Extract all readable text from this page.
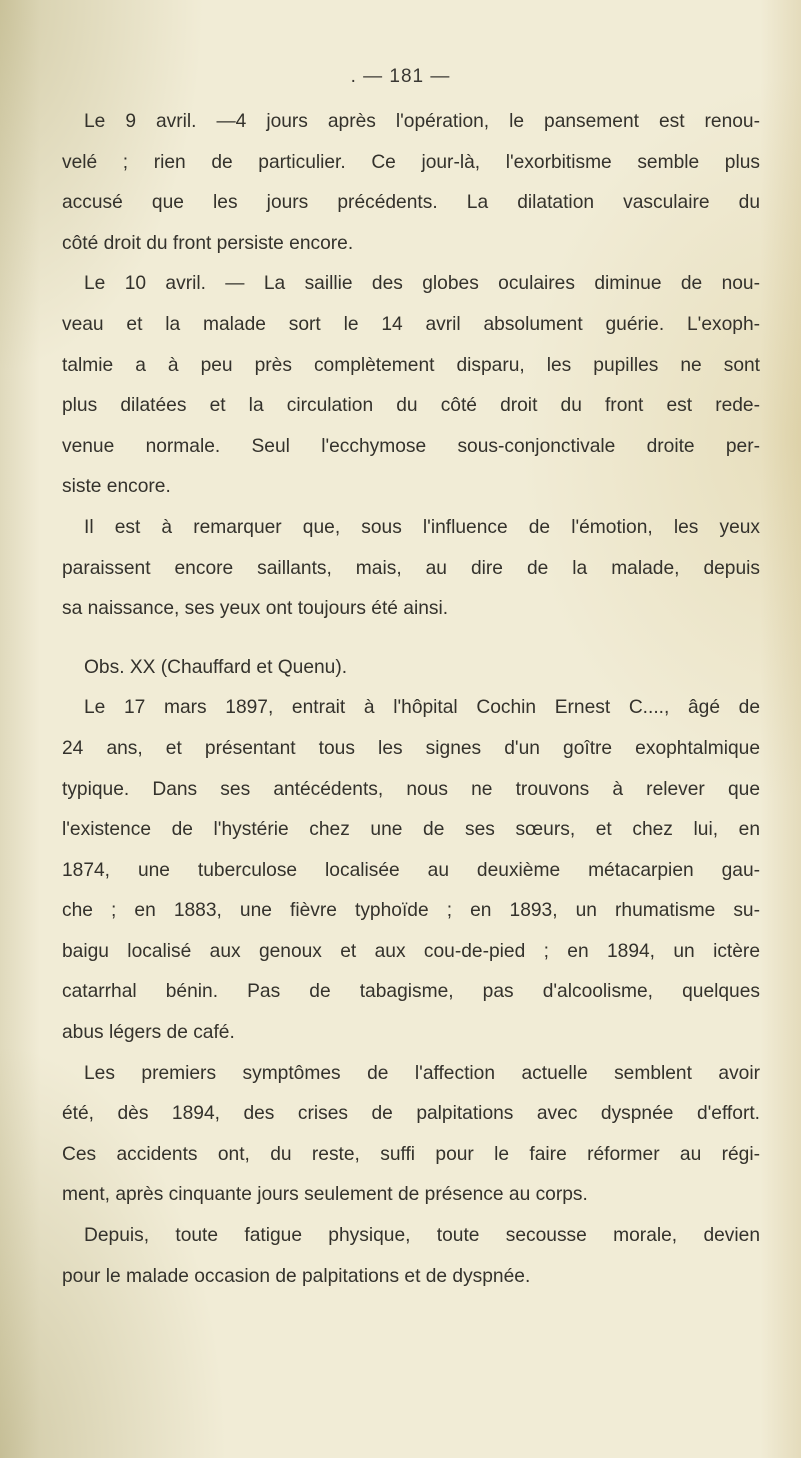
. — 181 —
Le 9 avril. —4 jours après l'opération, le pansement est renou-
velé ; rien de particulier. Ce jour-là, l'exorbitisme semble plus
accusé que les jours précédents. La dilatation vasculaire du
côté droit du front persiste encore.
Le 10 avril. — La saillie des globes oculaires diminue de nou-
veau et la malade sort le 14 avril absolument guérie. L'exoph-
talmie a à peu près complètement disparu, les pupilles ne sont
plus dilatées et la circulation du côté droit du front est rede-
venue normale. Seul l'ecchymose sous-conjonctivale droite per-
siste encore.
Il est à remarquer que, sous l'influence de l'émotion, les yeux
paraissent encore saillants, mais, au dire de la malade, depuis
sa naissance, ses yeux ont toujours été ainsi.
Obs. XX (Chauffard et Quenu).
Le 17 mars 1897, entrait à l'hôpital Cochin Ernest C...., âgé de
24 ans, et présentant tous les signes d'un goître exophtalmique
typique. Dans ses antécédents, nous ne trouvons à relever que
l'existence de l'hystérie chez une de ses sœurs, et chez lui, en
1874, une tuberculose localisée au deuxième métacarpien gau-
che ; en 1883, une fièvre typhoïde ; en 1893, un rhumatisme su-
baigu localisé aux genoux et aux cou-de-pied ; en 1894, un ictère
catarrhal bénin. Pas de tabagisme, pas d'alcoolisme, quelques
abus légers de café.
Les premiers symptômes de l'affection actuelle semblent avoir
été, dès 1894, des crises de palpitations avec dyspnée d'effort.
Ces accidents ont, du reste, suffi pour le faire réformer au régi-
ment, après cinquante jours seulement de présence au corps.
Depuis, toute fatigue physique, toute secousse morale, devien
pour le malade occasion de palpitations et de dyspnée.
